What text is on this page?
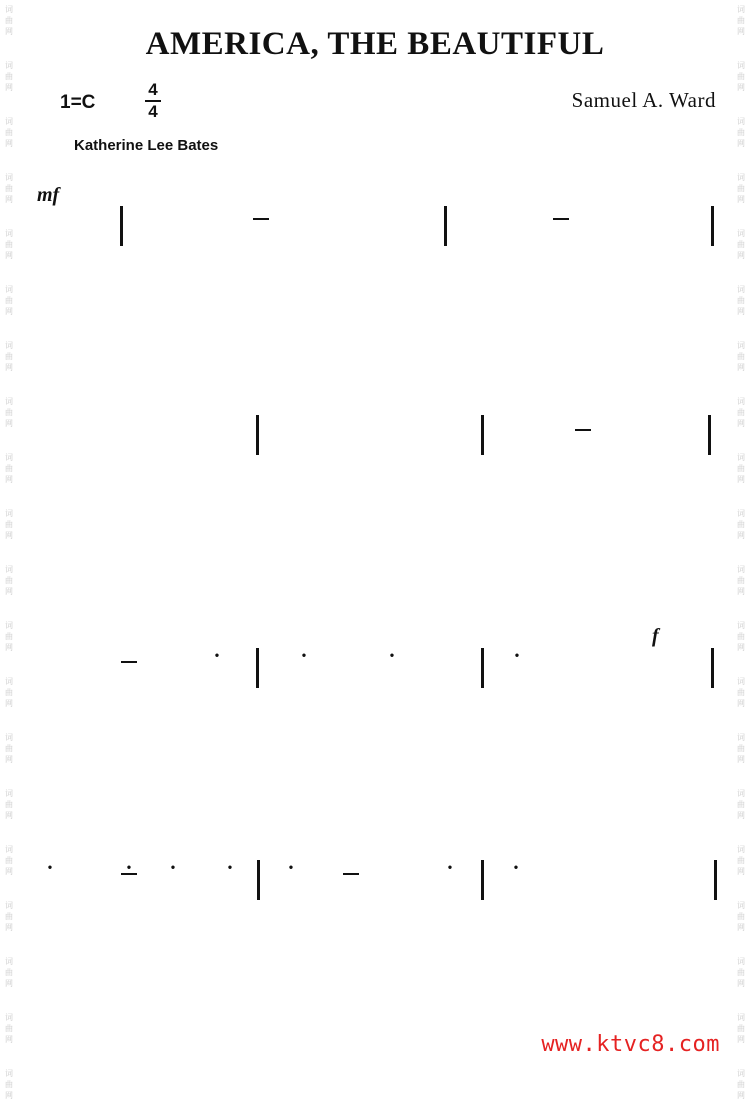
AMERICA, THE BEAUTIFUL
1=C
4
4	Samuel A. Ward
Katherine Lee Bates
mf
f
词
曲
网
词
曲
网
词
曲
网
词
曲
网
词
曲
网
词
曲
网
词
曲
网
词
曲
网
词
曲
网
词
曲
网
词
曲
网
词
曲
网
词
曲
网
词
曲
网
词
曲
网
词
曲
网
词
曲
网
词
曲
网
词
曲
网
词
曲
网
词
曲
网
词
曲
网
词
曲
网
词
曲
网
词
曲
网
词
曲
网
词
曲
网
词
曲
网
词
曲
网
词
曲
网
词
曲
网
词
曲
网
词
曲
网
词
曲
网
词
曲
网
词
曲
网
词
曲
网
词
曲
网
词
曲
网
词
曲
网
www.ktvc8.com
